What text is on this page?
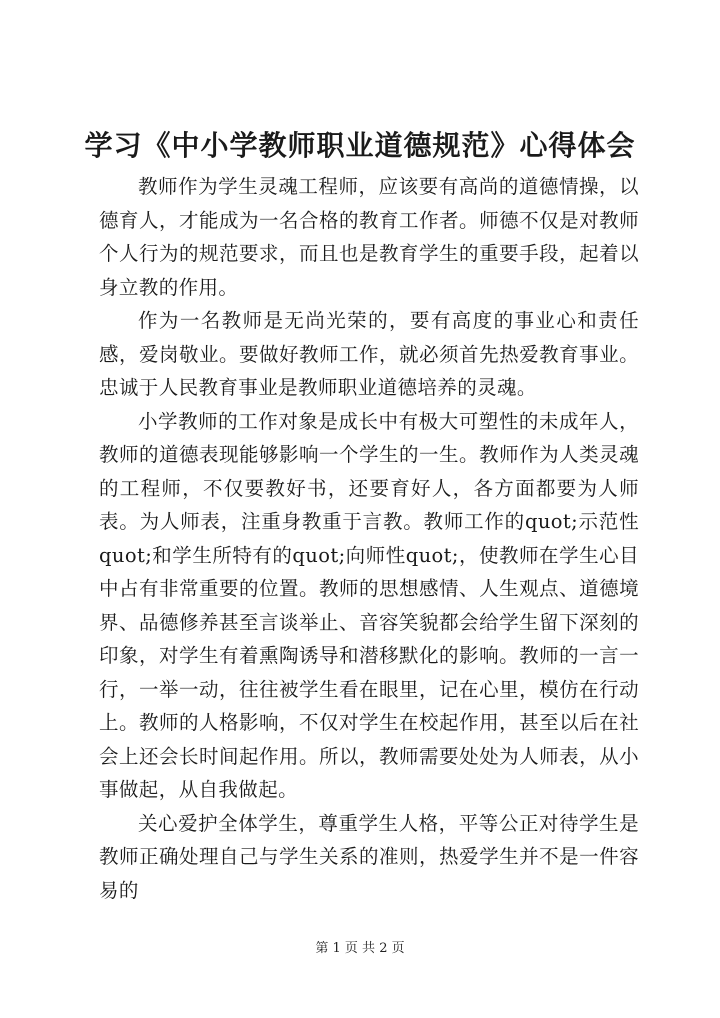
学习《中小学教师职业道德规范》心得体会

教师作为学生灵魂工程师，应该要有高尚的道德情操，以德育人，才能成为一名合格的教育工作者。师德不仅是对教师个人行为的规范要求，而且也是教育学生的重要手段，起着以身立教的作用。

作为一名教师是无尚光荣的，要有高度的事业心和责任感，爱岗敬业。要做好教师工作，就必须首先热爱教育事业。忠诚于人民教育事业是教师职业道德培养的灵魂。

小学教师的工作对象是成长中有极大可塑性的未成年人，教师的道德表现能够影响一个学生的一生。教师作为人类灵魂的工程师，不仅要教好书，还要育好人，各方面都要为人师表。为人师表，注重身教重于言教。教师工作的quot;示范性quot;和学生所特有的quot;向师性quot;，使教师在学生心目中占有非常重要的位置。教师的思想感情、人生观点、道德境界、品德修养甚至言谈举止、音容笑貌都会给学生留下深刻的印象，对学生有着熏陶诱导和潜移默化的影响。教师的一言一行，一举一动，往往被学生看在眼里，记在心里，模仿在行动上。教师的人格影响，不仅对学生在校起作用，甚至以后在社会上还会长时间起作用。所以，教师需要处处为人师表，从小事做起，从自我做起。

关心爱护全体学生，尊重学生人格，平等公正对待学生是教师正确处理自己与学生关系的准则，热爱学生并不是一件容易的

第 1 页 共 2 页
